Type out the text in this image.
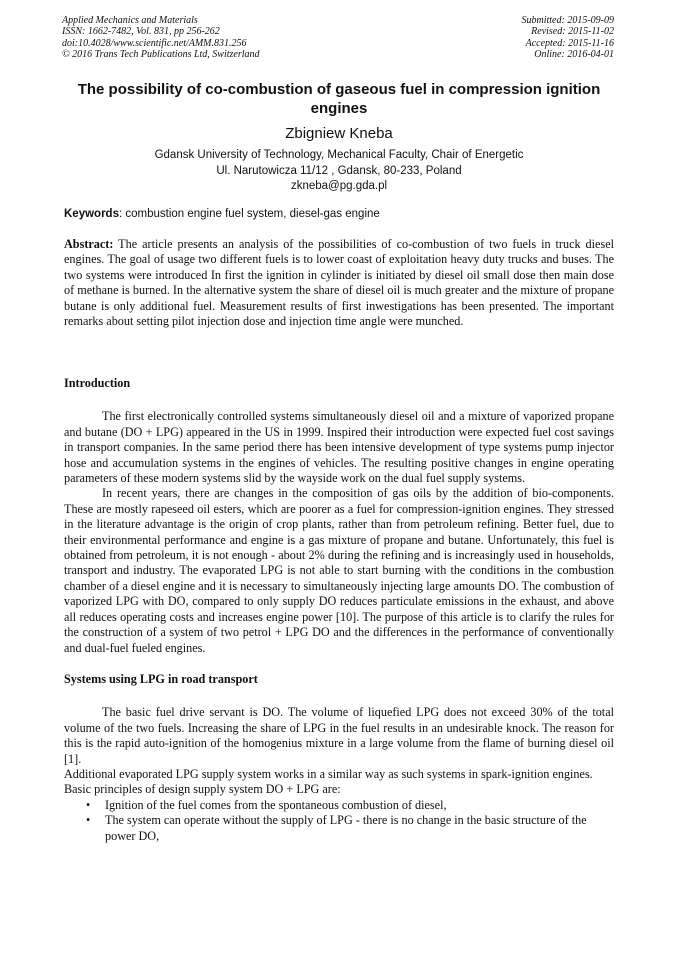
Applied Mechanics and Materials
ISSN: 1662-7482, Vol. 831, pp 256-262
doi:10.4028/www.scientific.net/AMM.831.256
© 2016 Trans Tech Publications Ltd, Switzerland
Submitted: 2015-09-09
Revised: 2015-11-02
Accepted: 2015-11-16
Online: 2016-04-01
The possibility of co-combustion of gaseous fuel in compression ignition engines
Zbigniew Kneba
Gdansk University of Technology, Mechanical Faculty, Chair of Energetic
Ul. Narutowicza 11/12 , Gdansk, 80-233, Poland
zkneba@pg.gda.pl
Keywords: combustion engine fuel system, diesel-gas engine
Abstract: The article presents an analysis of the possibilities of co-combustion of two fuels in truck diesel engines. The goal of usage two different fuels is to lower coast of exploitation heavy duty trucks and buses. The two systems were introduced In first the ignition in cylinder is initiated by diesel oil small dose then main dose of methane is burned. In the alternative system the share of diesel oil is much greater and the mixture of propane butane is only additional fuel. Measurement results of first inwestigations has been presented. The important remarks about setting pilot injection dose and injection time angle were munched.
Introduction

The first electronically controlled systems simultaneously diesel oil and a mixture of vaporized propane and butane (DO + LPG) appeared in the US in 1999. Inspired their introduction were expected fuel cost savings in transport companies. In the same period there has been intensive development of type systems pump injector hose and accumulation systems in the engines of vehicles. The resulting positive changes in engine operating parameters of these modern systems slid by the wayside work on the dual fuel supply systems.

In recent years, there are changes in the composition of gas oils by the addition of bio-components. These are mostly rapeseed oil esters, which are poorer as a fuel for compression-ignition engines. They stressed in the literature advantage is the origin of crop plants, rather than from petroleum refining. Better fuel, due to their environmental performance and engine is a gas mixture of propane and butane. Unfortunately, this fuel is obtained from petroleum, it is not enough - about 2% during the refining and is increasingly used in households, transport and industry. The evaporated LPG is not able to start burning with the conditions in the combustion chamber of a diesel engine and it is necessary to simultaneously injecting large amounts DO. The combustion of vaporized LPG with DO, compared to only supply DO reduces particulate emissions in the exhaust, and above all reduces operating costs and increases engine power [10]. The purpose of this article is to clarify the rules for the construction of a system of two petrol + LPG DO and the differences in the performance of conventionally and dual-fuel fueled engines.

Systems using LPG in road transport

The basic fuel drive servant is DO. The volume of liquefied LPG does not exceed 30% of the total volume of the two fuels. Increasing the share of LPG in the fuel results in an undesirable knock. The reason for this is the rapid auto-ignition of the homogenius mixture in a large volume from the flame of burning diesel oil [1].

Additional evaporated LPG supply system works in a similar way as such systems in spark-ignition engines.

Basic principles of design supply system DO + LPG are:

• Ignition of the fuel comes from the spontaneous combustion of diesel,
• The system can operate without the supply of LPG - there is no change in the basic structure of the power DO,
